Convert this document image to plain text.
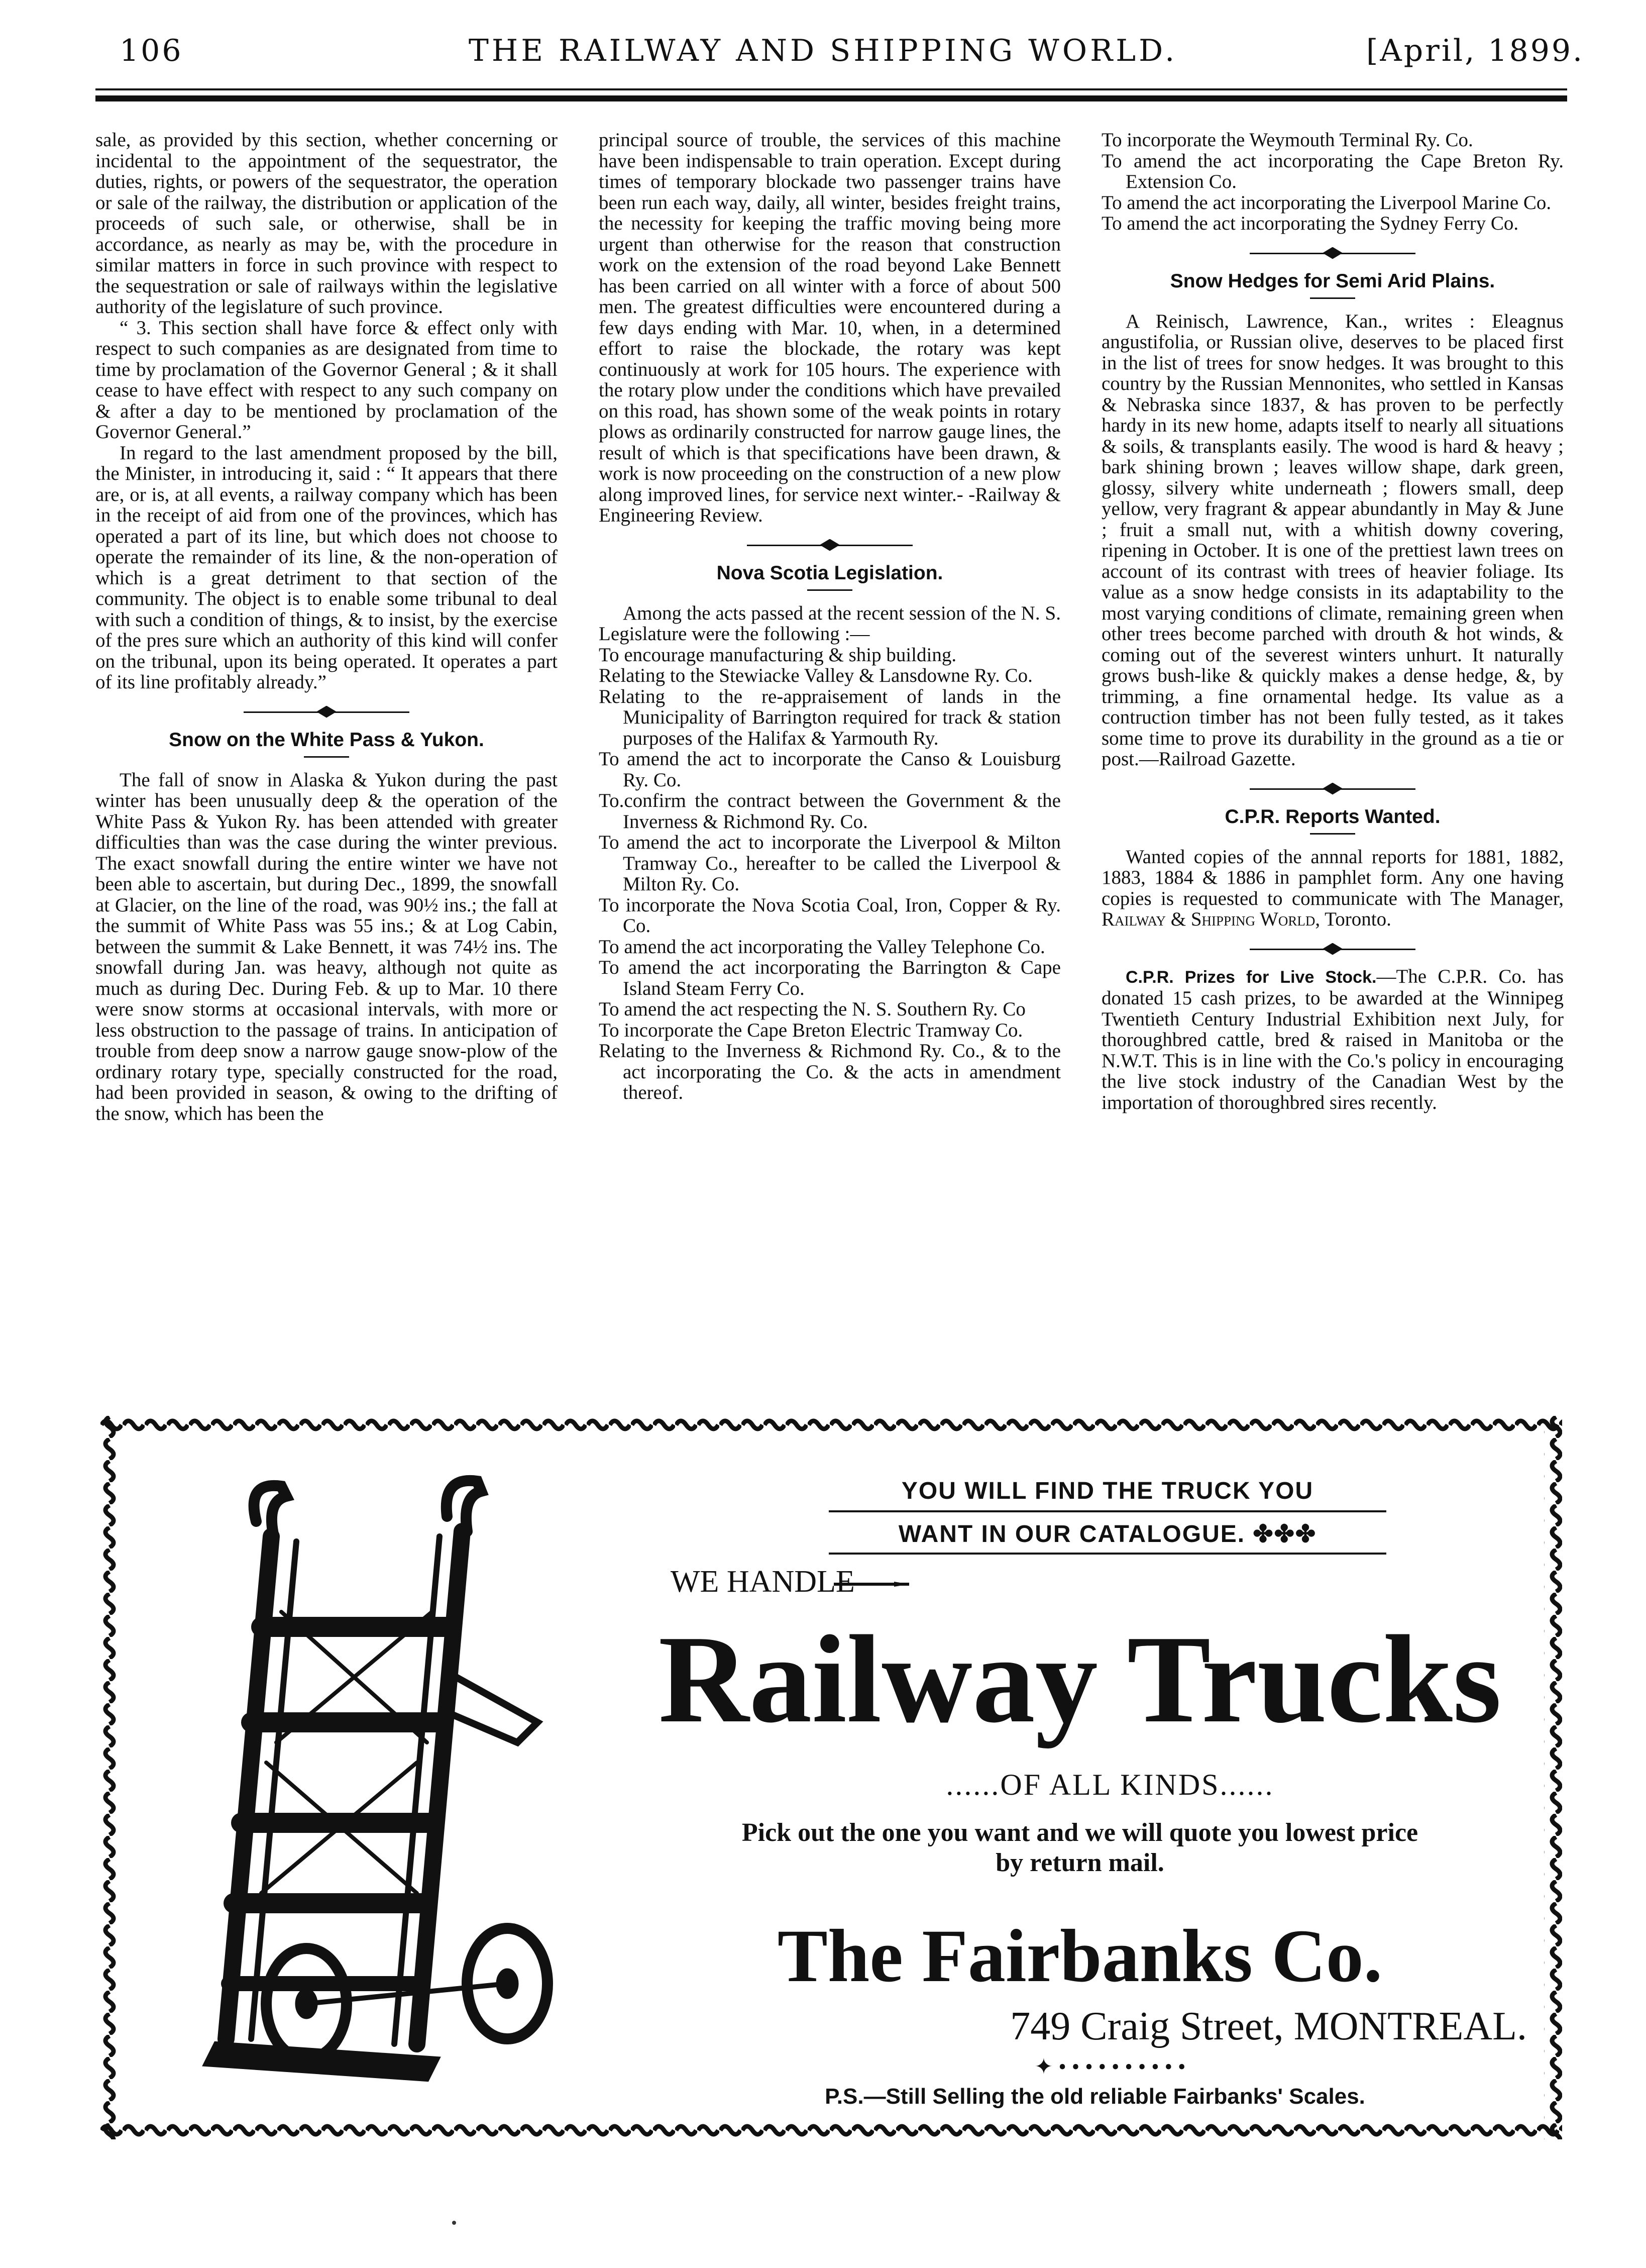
106	THE RAILWAY AND SHIPPING WORLD.	[April, 1899.

sale, as provided by this section, whether concerning or incidental to the appointment of the sequestrator, the duties, rights, or powers of the sequestrator, the operation or sale of the railway, the distribution or application of the proceeds of such sale, or otherwise, shall be in accordance, as nearly as may be, with the procedure in similar matters in force in such province with respect to the sequestration or sale of railways within the legislative authority of the legislature of such province.

“ 3. This section shall have force & effect only with respect to such companies as are designated from time to time by proclamation of the Governor General ; & it shall cease to have effect with respect to any such company on & after a day to be mentioned by proclamation of the Governor General.”

In regard to the last amendment proposed by the bill, the Minister, in introducing it, said : “ It appears that there are, or is, at all events, a railway company which has been in the receipt of aid from one of the provinces, which has operated a part of its line, but which does not choose to operate the remainder of its line, & the non-operation of which is a great detriment to that section of the community. The object is to enable some tribunal to deal with such a condition of things, & to insist, by the exercise of the pres sure which an authority of this kind will confer on the tribunal, upon its being operated. It operates a part of its line profitably already.”

Snow on the White Pass & Yukon.

The fall of snow in Alaska & Yukon during the past winter has been unusually deep & the operation of the White Pass & Yukon Ry. has been attended with greater difficulties than was the case during the winter previous. The exact snowfall during the entire winter we have not been able to ascertain, but during Dec., 1899, the snowfall at Glacier, on the line of the road, was 90½ ins.; the fall at the summit of White Pass was 55 ins.; & at Log Cabin, between the summit & Lake Bennett, it was 74½ ins. The snowfall during Jan. was heavy, although not quite as much as during Dec. During Feb. & up to Mar. 10 there were snow storms at occasional intervals, with more or less obstruction to the passage of trains. In anticipation of trouble from deep snow a narrow gauge snow-plow of the ordinary rotary type, specially constructed for the road, had been provided in season, & owing to the drifting of the snow, which has been the

principal source of trouble, the services of this machine have been indispensable to train operation. Except during times of temporary blockade two passenger trains have been run each way, daily, all winter, besides freight trains, the necessity for keeping the traffic moving being more urgent than otherwise for the reason that construction work on the extension of the road beyond Lake Bennett has been carried on all winter with a force of about 500 men. The greatest difficulties were encountered during a few days ending with Mar. 10, when, in a determined effort to raise the blockade, the rotary was kept continuously at work for 105 hours. The experience with the rotary plow under the conditions which have prevailed on this road, has shown some of the weak points in rotary plows as ordinarily constructed for narrow gauge lines, the result of which is that specifications have been drawn, & work is now proceeding on the construction of a new plow along improved lines, for service next winter.- -Railway & Engineering Review.

Nova Scotia Legislation.

Among the acts passed at the recent session of the N. S. Legislature were the following :—

To encourage manufacturing & ship building.

Relating to the Stewiacke Valley & Lansdowne Ry. Co.

Relating to the re-appraisement of lands in the Municipality of Barrington required for track & station purposes of the Halifax & Yarmouth Ry.

To amend the act to incorporate the Canso & Louisburg Ry. Co.

To.confirm the contract between the Government & the Inverness & Richmond Ry. Co.

To amend the act to incorporate the Liverpool & Milton Tramway Co., hereafter to be called the Liverpool & Milton Ry. Co.

To incorporate the Nova Scotia Coal, Iron, Copper & Ry. Co.

To amend the act incorporating the Valley Telephone Co.

To amend the act incorporating the Barrington & Cape Island Steam Ferry Co.

To amend the act respecting the N. S. Southern Ry. Co

To incorporate the Cape Breton Electric Tramway Co.

Relating to the Inverness & Richmond Ry. Co., & to the act incorporating the Co. & the acts in amendment thereof.

To incorporate the Weymouth Terminal Ry. Co.

To amend the act incorporating the Cape Breton Ry. Extension Co.

To amend the act incorporating the Liverpool Marine Co.

To amend the act incorporating the Sydney Ferry Co.

Snow Hedges for Semi Arid Plains.

A Reinisch, Lawrence, Kan., writes : Eleagnus angustifolia, or Russian olive, deserves to be placed first in the list of trees for snow hedges. It was brought to this country by the Russian Mennonites, who settled in Kansas & Nebraska since 1837, & has proven to be perfectly hardy in its new home, adapts itself to nearly all situations & soils, & transplants easily. The wood is hard & heavy ; bark shining brown ; leaves willow shape, dark green, glossy, silvery white underneath ; flowers small, deep yellow, very fragrant & appear abundantly in May & June ; fruit a small nut, with a whitish downy covering, ripening in October. It is one of the prettiest lawn trees on account of its contrast with trees of heavier foliage. Its value as a snow hedge consists in its adaptability to the most varying conditions of climate, remaining green when other trees become parched with drouth & hot winds, & coming out of the severest winters unhurt. It naturally grows bush-like & quickly makes a dense hedge, &, by trimming, a fine ornamental hedge. Its value as a contruction timber has not been fully tested, as it takes some time to prove its durability in the ground as a tie or post.—Railroad Gazette.

C.P.R. Reports Wanted.

Wanted copies of the annnal reports for 1881, 1882, 1883, 1884 & 1886 in pamphlet form. Any one having copies is requested to communicate with The Manager, Railway & Shipping World, Toronto.

C.P.R. Prizes for Live Stock.—The C.P.R. Co. has donated 15 cash prizes, to be awarded at the Winnipeg Twentieth Century Industrial Exhibition next July, for thoroughbred cattle, bred & raised in Manitoba or the N.W.T. This is in line with the Co.'s policy in encouraging the live stock industry of the Canadian West by the importation of thoroughbred sires recently.

YOU WILL FIND THE TRUCK YOU
WANT IN OUR CATALOGUE. ✤✤✤
WE HANDLE
Railway Trucks
......OF ALL KINDS......
Pick out the one you want and we will quote you lowest price
by return mail.
The Fairbanks Co.
749 Craig Street, MONTREAL.
✦ • • • • • • • • • •
P.S.—Still Selling the old reliable Fairbanks' Scales.
